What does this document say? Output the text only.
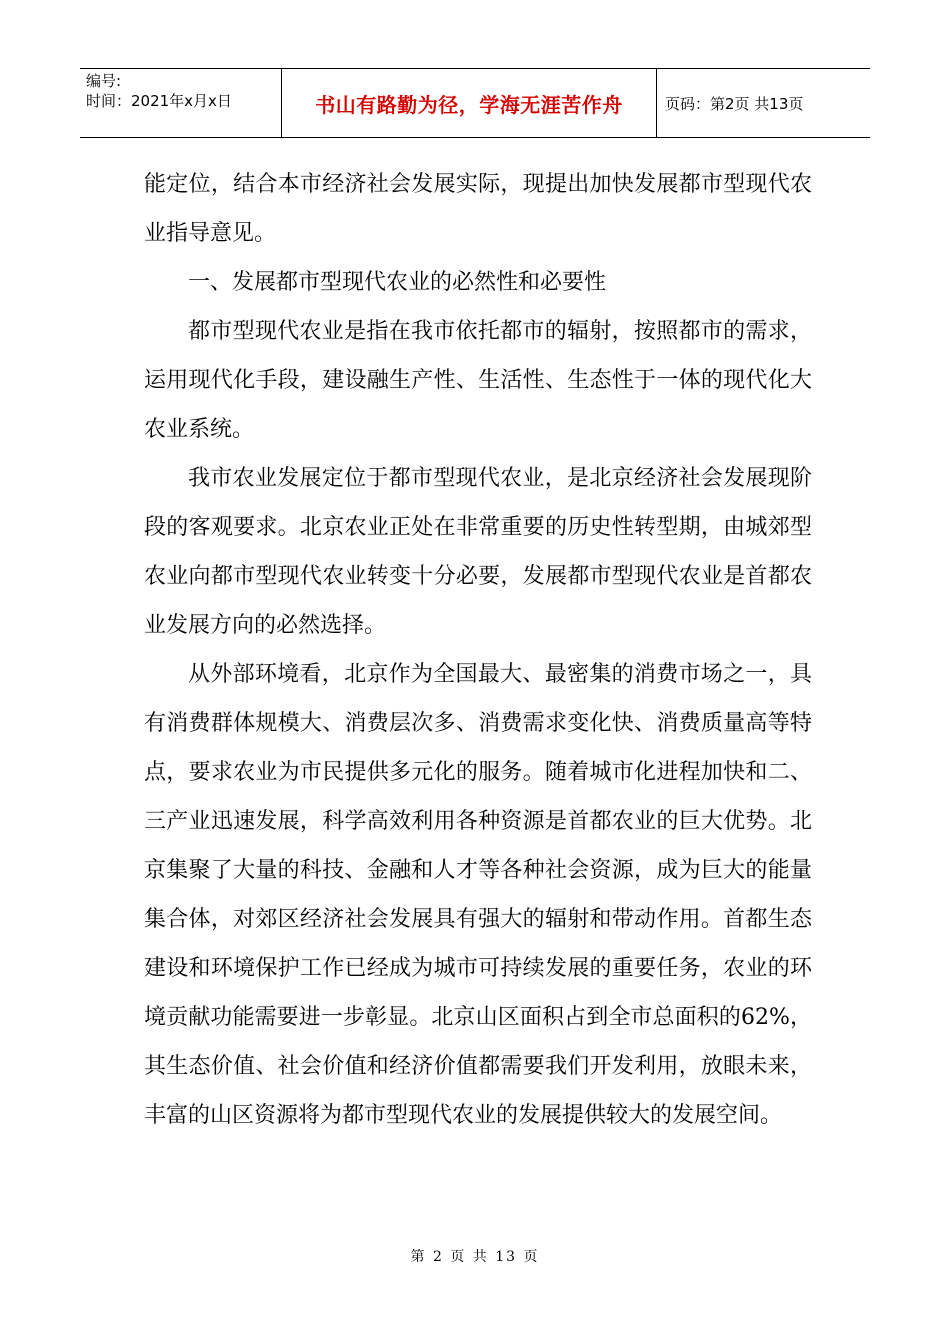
编号:
时间：2021年x月x日	书山有路勤为径，学海无涯苦作舟	页码：第2页 共13页

能定位，结合本市经济社会发展实际，现提出加快发展都市型现代农业指导意见。

一、发展都市型现代农业的必然性和必要性

都市型现代农业是指在我市依托都市的辐射，按照都市的需求，运用现代化手段，建设融生产性、生活性、生态性于一体的现代化大农业系统。

我市农业发展定位于都市型现代农业，是北京经济社会发展现阶段的客观要求。北京农业正处在非常重要的历史性转型期，由城郊型农业向都市型现代农业转变十分必要，发展都市型现代农业是首都农业发展方向的必然选择。

从外部环境看，北京作为全国最大、最密集的消费市场之一，具有消费群体规模大、消费层次多、消费需求变化快、消费质量高等特点，要求农业为市民提供多元化的服务。随着城市化进程加快和二、三产业迅速发展，科学高效利用各种资源是首都农业的巨大优势。北京集聚了大量的科技、金融和人才等各种社会资源，成为巨大的能量集合体，对郊区经济社会发展具有强大的辐射和带动作用。首都生态建设和环境保护工作已经成为城市可持续发展的重要任务，农业的环境贡献功能需要进一步彰显。北京山区面积占到全市总面积的62%，其生态价值、社会价值和经济价值都需要我们开发利用，放眼未来，丰富的山区资源将为都市型现代农业的发展提供较大的发展空间。

第 2 页 共 13 页
